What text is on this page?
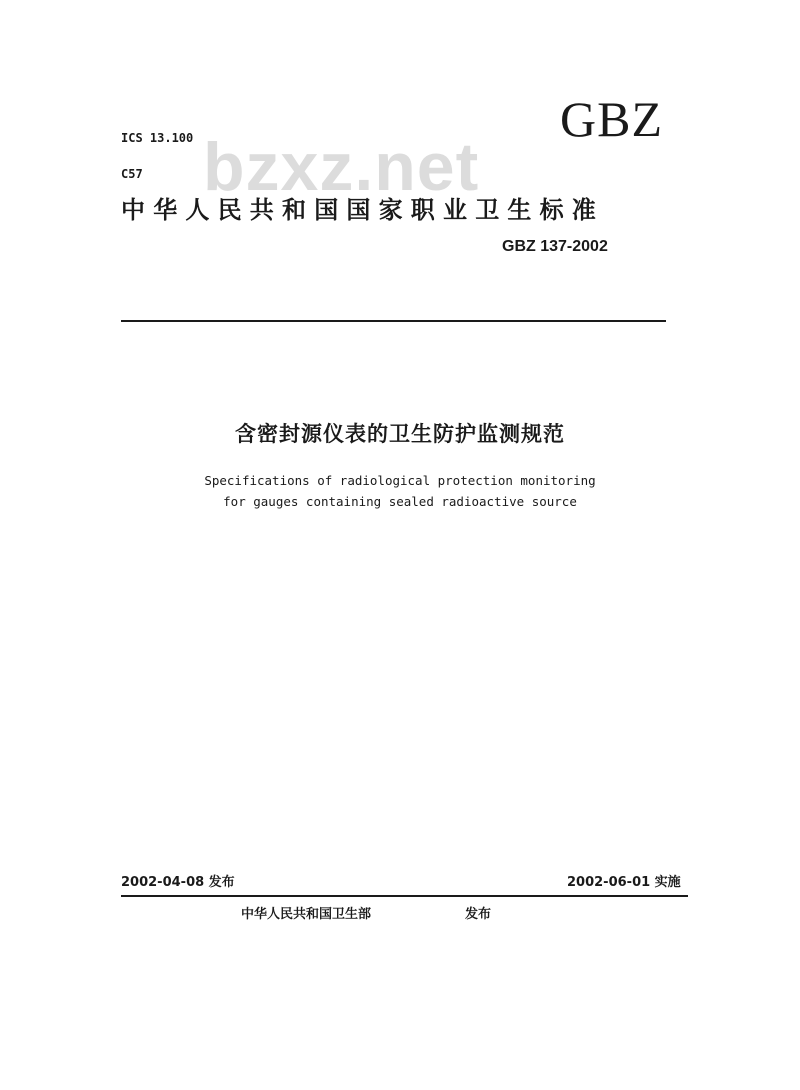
bzxz.net
ICS 13.100
C57
GBZ
中华人民共和国国家职业卫生标准
GBZ 137-2002
含密封源仪表的卫生防护监测规范
Specifications of radiological protection monitoring
for gauges containing sealed radioactive source
2002-04-08 发布	2002-06-01 实施
中华人民共和国卫生部	发布
